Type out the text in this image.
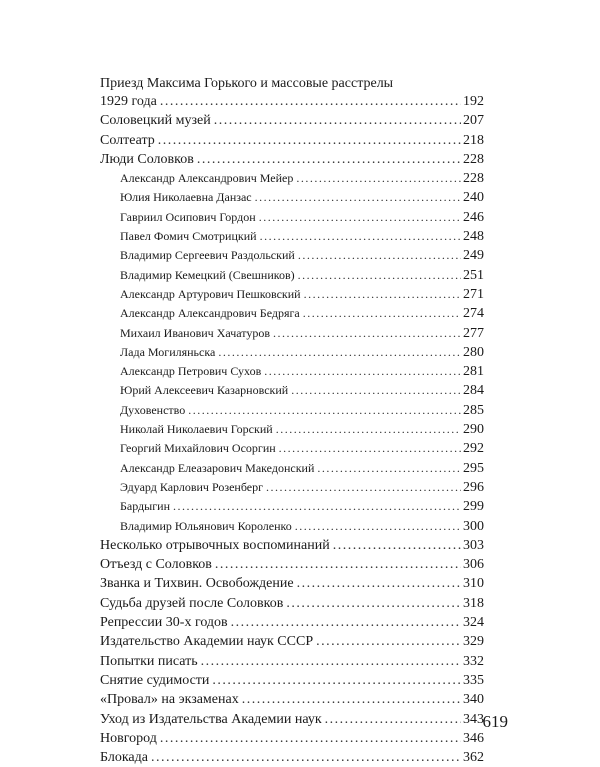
Приезд Максима Горького и массовые расстрелы
1929 года .....	192
Соловецкий музей .....	207
Солтеатр .....	218
Люди Соловков .....	228
Александр Александрович Мейер .....	228
Юлия Николаевна Данзас .....	240
Гавриил Осипович Гордон .....	246
Павел Фомич Смотрицкий .....	248
Владимир Сергеевич Раздольский .....	249
Владимир Кемецкий (Свешников) .....	251
Александр Артурович Пешковский .....	271
Александр Александрович Бедряга .....	274
Михаил Иванович Хачатуров .....	277
Лада Могиляньска .....	280
Александр Петрович Сухов .....	281
Юрий Алексеевич Казарновский .....	284
Духовенство .....	285
Николай Николаевич Горский .....	290
Георгий Михайлович Осоргин .....	292
Александр Елеазарович Македонский .....	295
Эдуард Карлович Розенберг .....	296
Бардыгин .....	299
Владимир Юльянович Короленко .....	300
Несколько отрывочных воспоминаний .....	303
Отъезд с Соловков .....	306
Званка и Тихвин. Освобождение .....	310
Судьба друзей после Соловков .....	318
Репрессии 30-х годов .....	324
Издательство Академии наук СССР .....	329
Попытки писать .....	332
Снятие судимости .....	335
«Провал» на экзаменах .....	340
Уход из Издательства Академии наук .....	343
Новгород .....	346
Блокада .....	362
619
